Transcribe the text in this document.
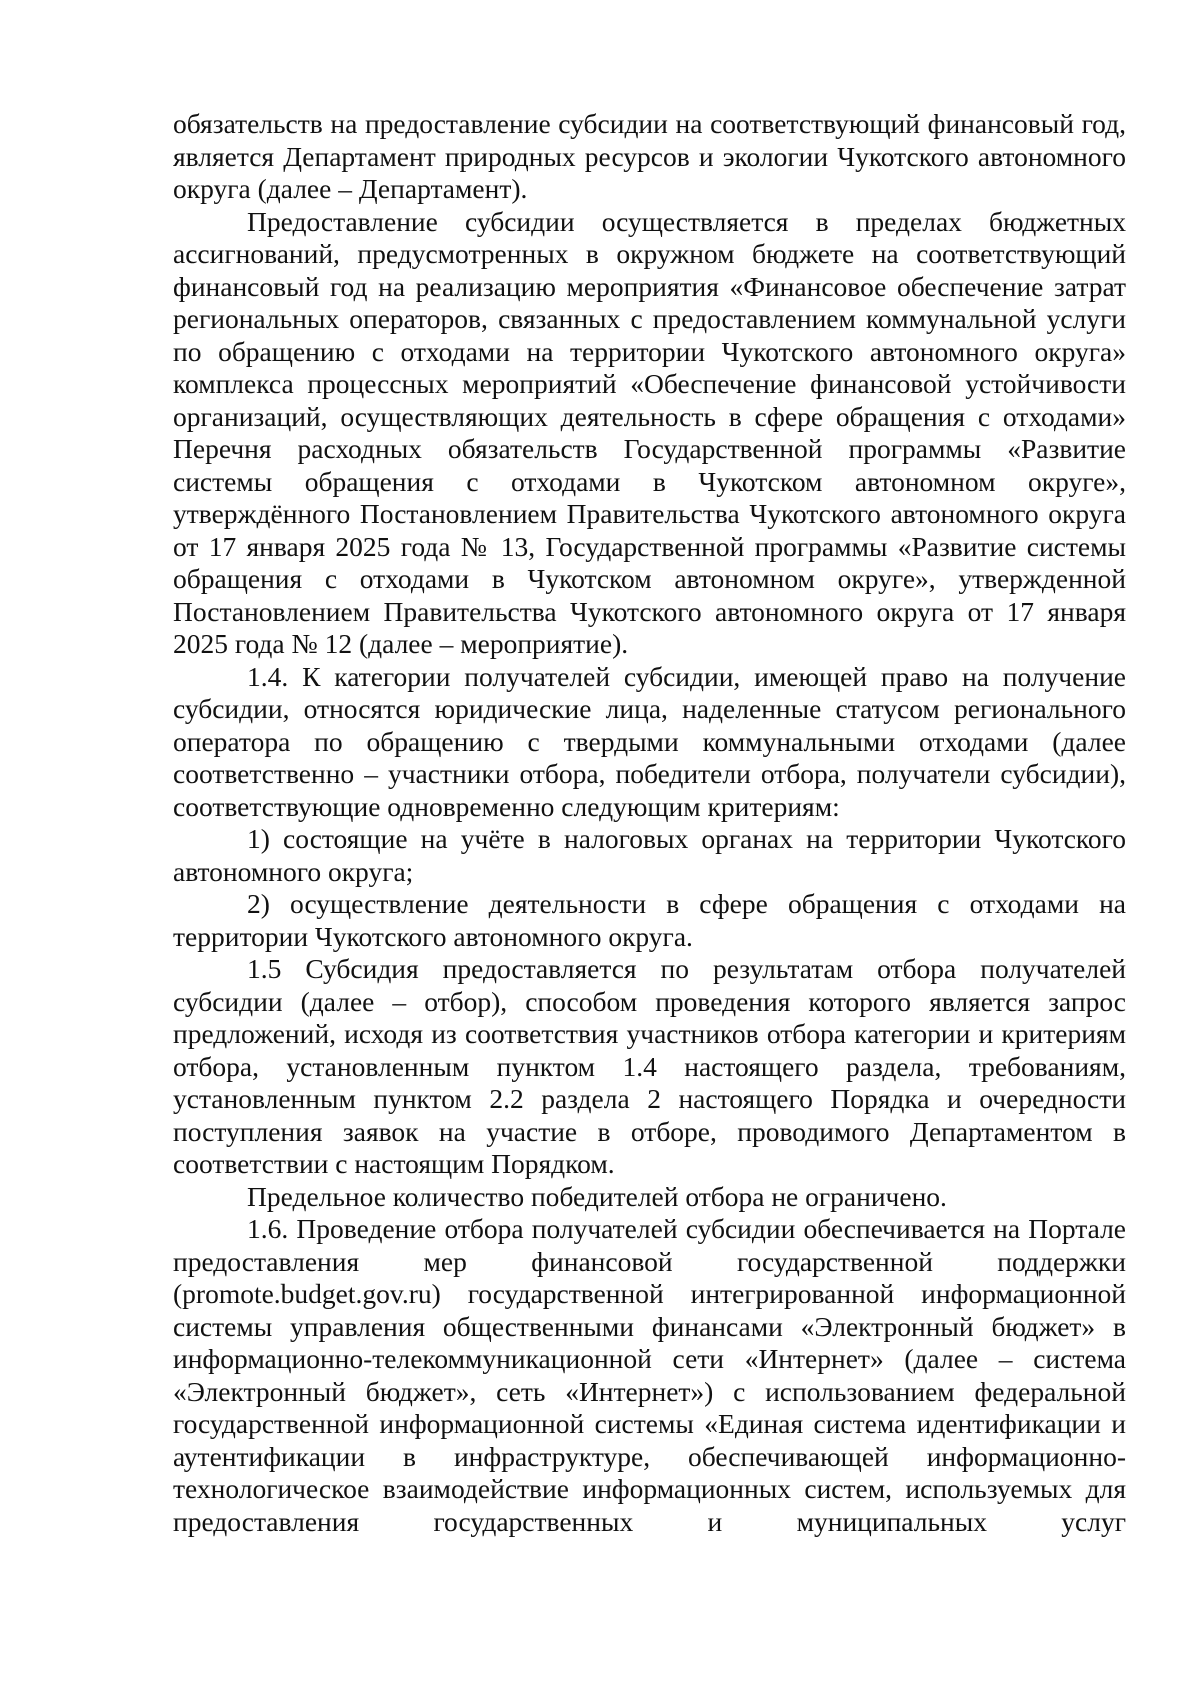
обязательств на предоставление субсидии на соответствующий финансовый год, является Департамент природных ресурсов и экологии Чукотского автономного округа (далее – Департамент).

Предоставление субсидии осуществляется в пределах бюджетных ассигнований, предусмотренных в окружном бюджете на соответствующий финансовый год на реализацию мероприятия «Финансовое обеспечение затрат региональных операторов, связанных с предоставлением коммунальной услуги по обращению с отходами на территории Чукотского автономного округа» комплекса процессных мероприятий «Обеспечение финансовой устойчивости организаций, осуществляющих деятельность в сфере обращения с отходами» Перечня расходных обязательств Государственной программы «Развитие системы обращения с отходами в Чукотском автономном округе», утверждённого Постановлением Правительства Чукотского автономного округа от 17 января 2025 года № 13, Государственной программы «Развитие системы обращения с отходами в Чукотском автономном округе», утвержденной Постановлением Правительства Чукотского автономного округа от 17 января 2025 года № 12 (далее – мероприятие).

1.4. К категории получателей субсидии, имеющей право на получение субсидии, относятся юридические лица, наделенные статусом регионального оператора по обращению с твердыми коммунальными отходами (далее соответственно – участники отбора, победители отбора, получатели субсидии), соответствующие одновременно следующим критериям:

1) состоящие на учёте в налоговых органах на территории Чукотского автономного округа;

2) осуществление деятельности в сфере обращения с отходами на территории Чукотского автономного округа.

1.5 Субсидия предоставляется по результатам отбора получателей субсидии (далее – отбор), способом проведения которого является запрос предложений, исходя из соответствия участников отбора категории и критериям отбора, установленным пунктом 1.4 настоящего раздела, требованиям, установленным пунктом 2.2 раздела 2 настоящего Порядка и очередности поступления заявок на участие в отборе, проводимого Департаментом в соответствии с настоящим Порядком.

Предельное количество победителей отбора не ограничено.

1.6. Проведение отбора получателей субсидии обеспечивается на Портале предоставления мер финансовой государственной поддержки (promote.budget.gov.ru) государственной интегрированной информационной системы управления общественными финансами «Электронный бюджет» в информационно-телекоммуникационной сети «Интернет» (далее – система «Электронный бюджет», сеть «Интернет») с использованием федеральной государственной информационной системы «Единая система идентификации и аутентификации в инфраструктуре, обеспечивающей информационно-технологическое взаимодействие информационных систем, используемых для предоставления государственных и муниципальных услуг
